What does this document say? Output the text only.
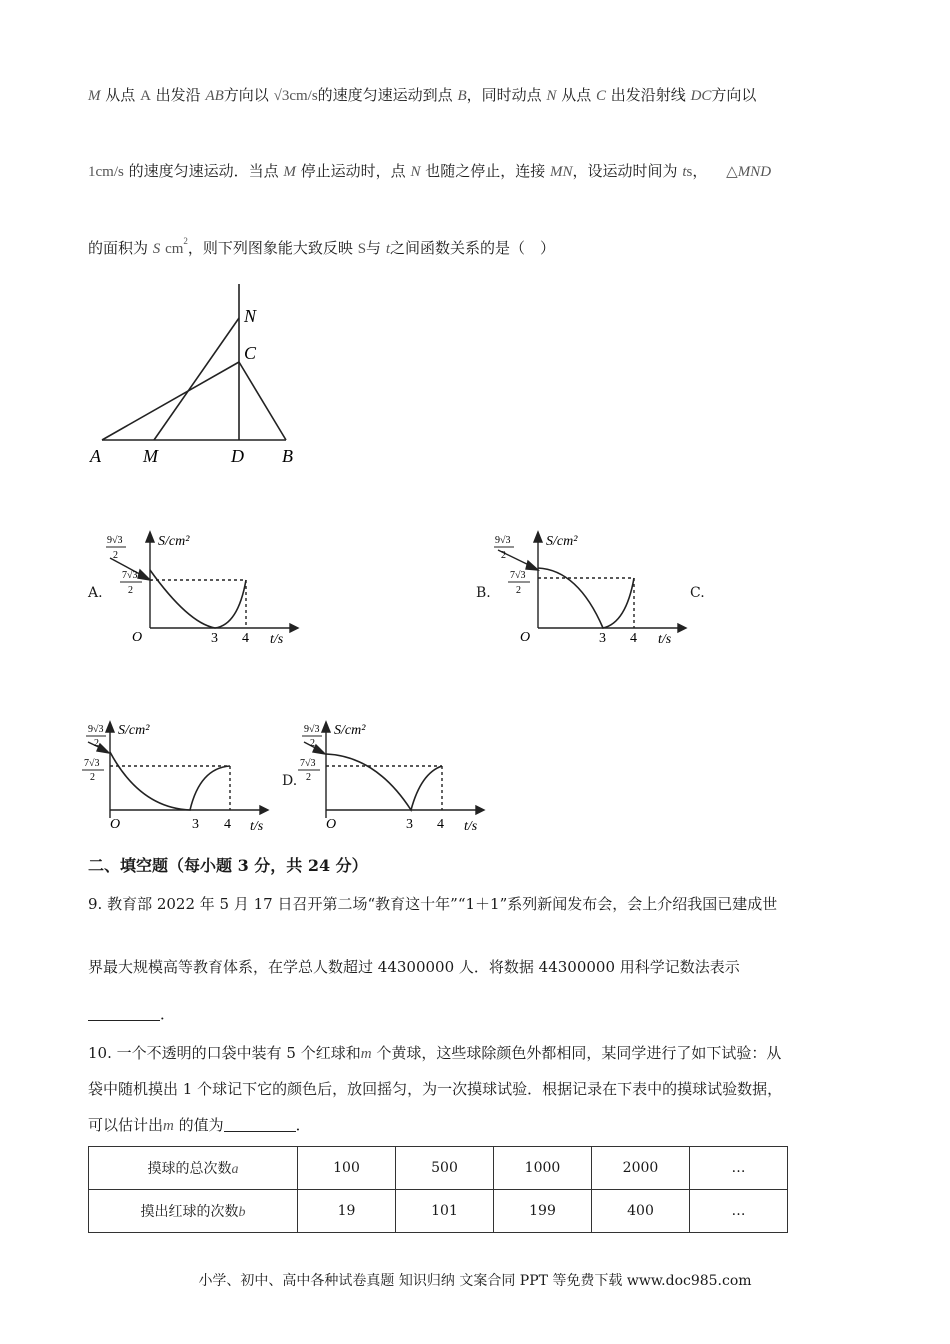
M 从点 A 出发沿 AB方向以 √3cm/s的速度匀速运动到点 B，同时动点 N 从点 C 出发沿射线 DC方向以
1cm/s 的速度匀速运动．当点 M 停止运动时，点 N 也随之停止，连接 MN，设运动时间为 ts， △MND
的面积为 S $cm^2$，则下列图象能大致反映 S与 t之间函数关系的是（　）
N
C
A M	D B
A.
9√3
2
7√3
2
S/cm²
O	3 4 t/s
B.
9√3
2
7√3
2
S/cm²
O	3 4 t/s
C.
9√3
2
7√3
2
S/cm²
O	3 4 t/s
D.
9√3
2
7√3
2
S/cm²
O	3 4 t/s
二、填空题（每小题 3 分，共 24 分）
9. 教育部 2022 年 5 月 17 日召开第二场“教育这十年”“1＋1”系列新闻发布会，会上介绍我国已建成世
界最大规模高等教育体系，在学总人数超过 44300000 人．将数据 44300000 用科学记数法表示
．
10. 一个不透明的口袋中装有 5 个红球和m 个黄球，这些球除颜色外都相同，某同学进行了如下试验：从
袋中随机摸出 1 个球记下它的颜色后，放回摇匀，为一次摸球试验．根据记录在下表中的摸球试验数据，
可以估计出m 的值为	．
摸球的总次数a	100	500	1000	2000	…
摸出红球的次数b	19	101	199	400	…
小学、初中、高中各种试卷真题 知识归纳 文案合同 PPT 等免费下载 www.doc985.com
